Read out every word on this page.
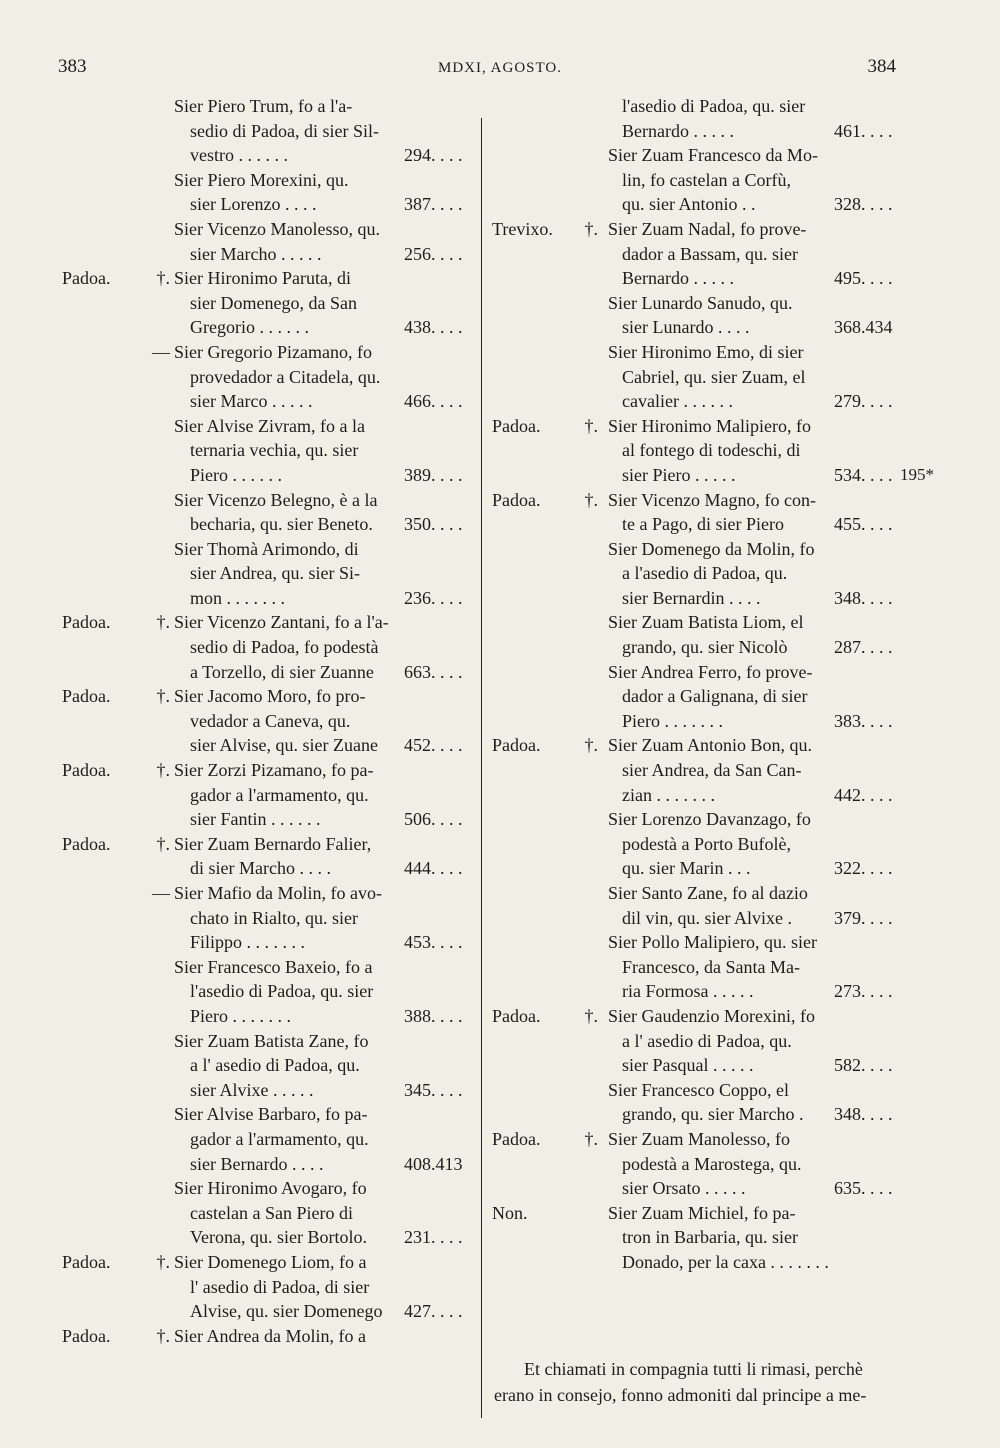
383	MDXI, AGOSTO.	384
Sier Piero Trum, fo a l'a-
sedio di Padoa, di sier Sil-
vestro . . . . . .	294. . . .
Sier Piero Morexini, qu.
sier Lorenzo . . . .	387. . . .
Sier Vicenzo Manolesso, qu.
sier Marcho . . . . .	256. . . .
Padoa.	†. Sier Hironimo Paruta, di
sier Domenego, da San
Gregorio . . . . . .	438. . . .
— Sier Gregorio Pizamano, fo
provedador a Citadela, qu.
sier Marco . . . . .	466. . . .
Sier Alvise Zivram, fo a la
ternaria vechia, qu. sier
Piero . . . . . .	389. . . .
Sier Vicenzo Belegno, è a la
becharia, qu. sier Beneto. 350. . . .
Sier Thomà Arimondo, di
sier Andrea, qu. sier Si-
mon . . . . . . .	236. . . .
Padoa.	†. Sier Vicenzo Zantani, fo a l'a-
sedio di Padoa, fo podestà
a Torzello, di sier Zuanne 663. . . .
Padoa.	†. Sier Jacomo Moro, fo pro-
vedador a Caneva, qu.
sier Alvise, qu. sier Zuane 452. . . .
Padoa.	†. Sier Zorzi Pizamano, fo pa-
gador a l'armamento, qu.
sier Fantin . . . . . .	506. . . .
Padoa.	†. Sier Zuam Bernardo Falier,
di sier Marcho . . . .	444. . . .
— Sier Mafio da Molin, fo avo-
chato in Rialto, qu. sier
Filippo . . . . . . .	453. . . .
Sier Francesco Baxeio, fo a
l'asedio di Padoa, qu. sier
Piero . . . . . . .	388. . . .
Sier Zuam Batista Zane, fo
a l' asedio di Padoa, qu.
sier Alvixe . . . . .	345. . . .
Sier Alvise Barbaro, fo pa-
gador a l'armamento, qu.
sier Bernardo . . . .	408.413
Sier Hironimo Avogaro, fo
castelan a San Piero di
Verona, qu. sier Bortolo. 231. . . .
Padoa.	†. Sier Domenego Liom, fo a
l' asedio di Padoa, di sier
Alvise, qu. sier Domenego 427. . . .
Padoa.	†. Sier Andrea da Molin, fo a
l'asedio di Padoa, qu. sier
Bernardo . . . . .	461. . . .
Sier Zuam Francesco da Mo-
lin, fo castelan a Corfù,
qu. sier Antonio . .	328. . . .
Trevixo.	†. Sier Zuam Nadal, fo prove-
dador a Bassam, qu. sier
Bernardo . . . . .	495. . . .
Sier Lunardo Sanudo, qu.
sier Lunardo . . . .	368.434
Sier Hironimo Emo, di sier
Cabriel, qu. sier Zuam, el
cavalier . . . . . .	279. . . .
Padoa.	†. Sier Hironimo Malipiero, fo
al fontego di todeschi, di
sier Piero . . . . .	534. . . . 195*
Padoa.	†. Sier Vicenzo Magno, fo con-
te a Pago, di sier Piero	455. . . .
Sier Domenego da Molin, fo
a l'asedio di Padoa, qu.
sier Bernardin . . . .	348. . . .
Sier Zuam Batista Liom, el
grando, qu. sier Nicolò	287. . . .
Sier Andrea Ferro, fo prove-
dador a Galignana, di sier
Piero . . . . . . .	383. . . .
Padoa.	†. Sier Zuam Antonio Bon, qu.
sier Andrea, da San Can-
zian . . . . . . .	442. . . .
Sier Lorenzo Davanzago, fo
podestà a Porto Bufolè,
qu. sier Marin . . .	322. . . .
Sier Santo Zane, fo al dazio
dil vin, qu. sier Alvixe . 379. . . .
Sier Pollo Malipiero, qu. sier
Francesco, da Santa Ma-
ria Formosa . . . . .	273. . . .
Padoa.	†. Sier Gaudenzio Morexini, fo
a l' asedio di Padoa, qu.
sier Pasqual . . . . .	582. . . .
Sier Francesco Coppo, el
grando, qu. sier Marcho . 348. . . .
Padoa.	†. Sier Zuam Manolesso, fo
podestà a Marostega, qu.
sier Orsato . . . . .	635. . . .
Non.	Sier Zuam Michiel, fo pa-
tron in Barbaria, qu. sier
Donado, per la caxa . . . . . . .
Et chiamati in compagnia tutti li rimasi, perchè
erano in consejo, fonno admoniti dal principe a me-
